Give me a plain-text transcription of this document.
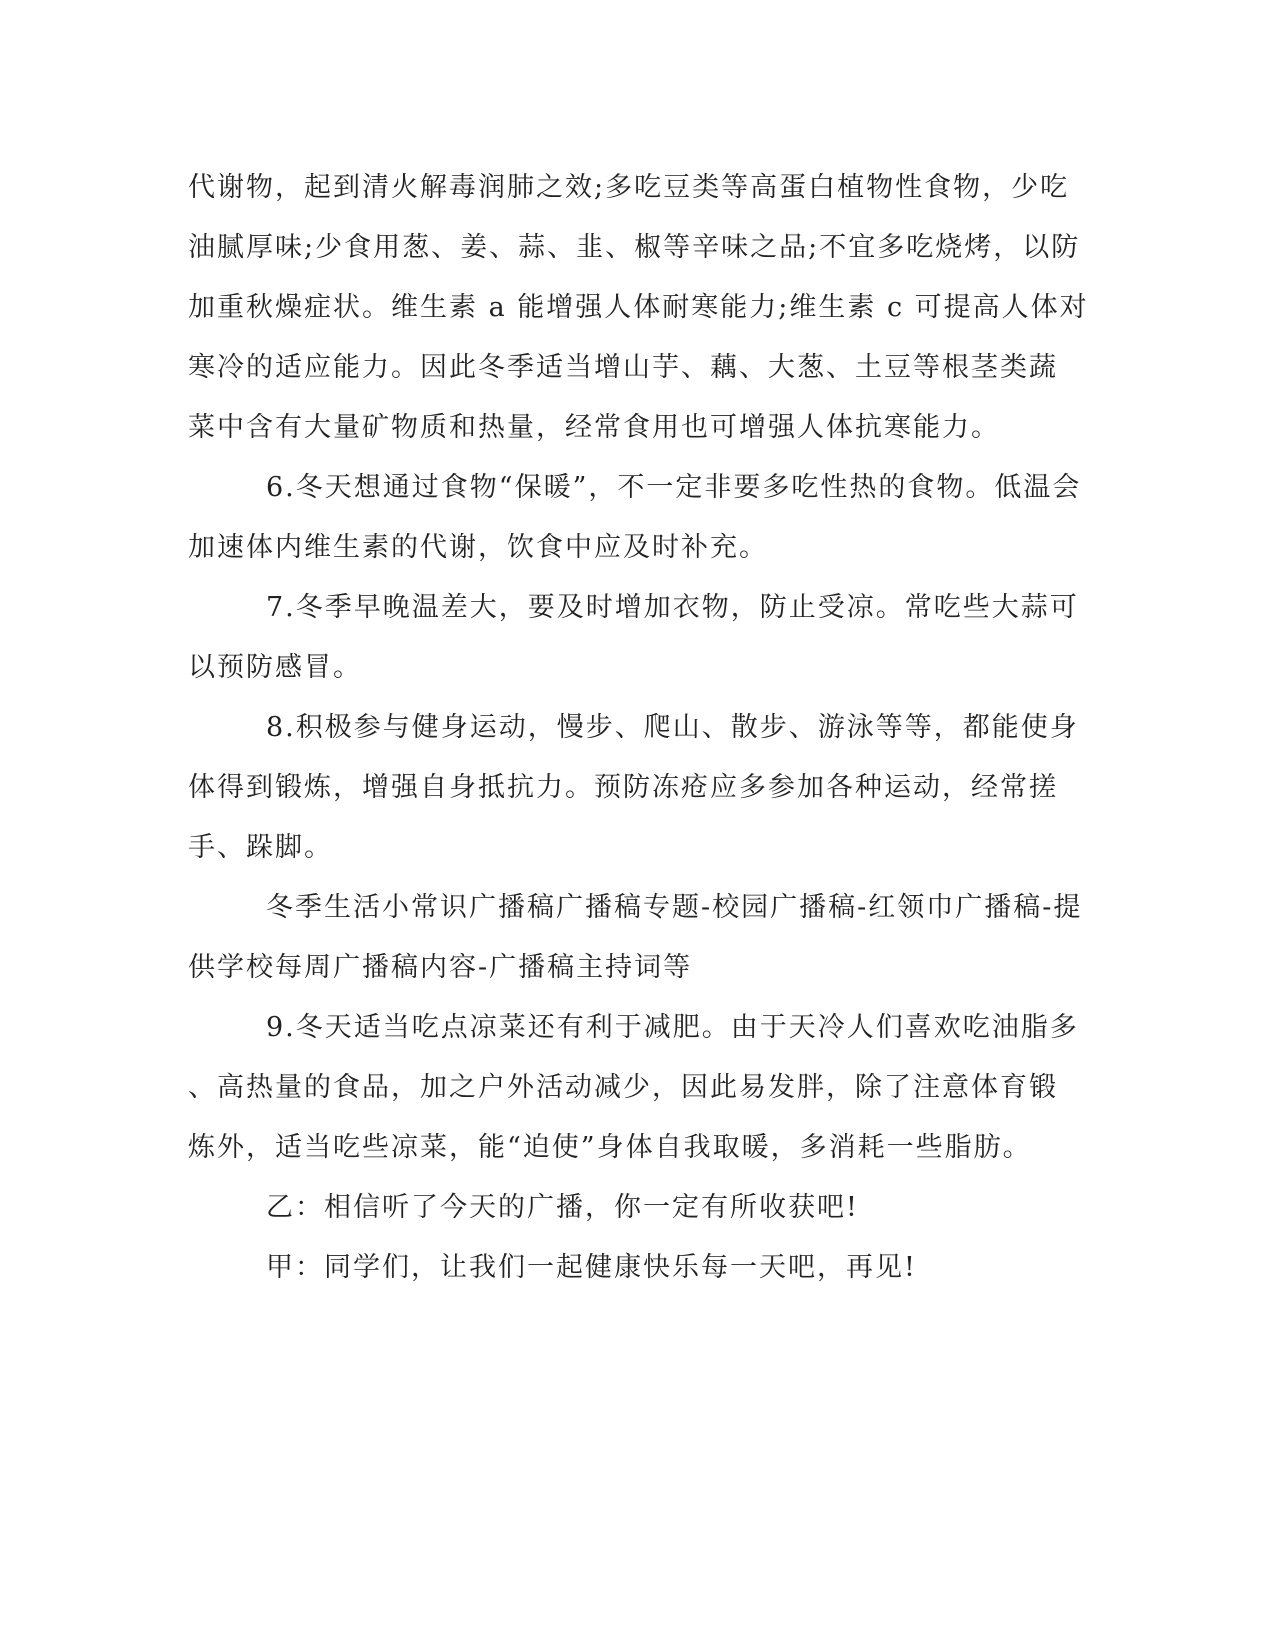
代谢物，起到清火解毒润肺之效;多吃豆类等高蛋白植物性食物，少吃
油腻厚味;少食用葱、姜、蒜、韭、椒等辛味之品;不宜多吃烧烤，以防
加重秋燥症状。维生素 a 能增强人体耐寒能力;维生素 c 可提高人体对
寒冷的适应能力。因此冬季适当增山芋、藕、大葱、土豆等根茎类蔬
菜中含有大量矿物质和热量，经常食用也可增强人体抗寒能力。
6.冬天想通过食物“保暖”，不一定非要多吃性热的食物。低温会
加速体内维生素的代谢，饮食中应及时补充。
7.冬季早晚温差大，要及时增加衣物，防止受凉。常吃些大蒜可
以预防感冒。
8.积极参与健身运动，慢步、爬山、散步、游泳等等，都能使身
体得到锻炼，增强自身抵抗力。预防冻疮应多参加各种运动，经常搓
手、跺脚。
冬季生活小常识广播稿广播稿专题-校园广播稿-红领巾广播稿-提
供学校每周广播稿内容-广播稿主持词等
9.冬天适当吃点凉菜还有利于减肥。由于天冷人们喜欢吃油脂多
、高热量的食品，加之户外活动减少，因此易发胖，除了注意体育锻
炼外，适当吃些凉菜，能“迫使”身体自我取暖，多消耗一些脂肪。
乙：相信听了今天的广播，你一定有所收获吧!
甲：同学们，让我们一起健康快乐每一天吧，再见!
